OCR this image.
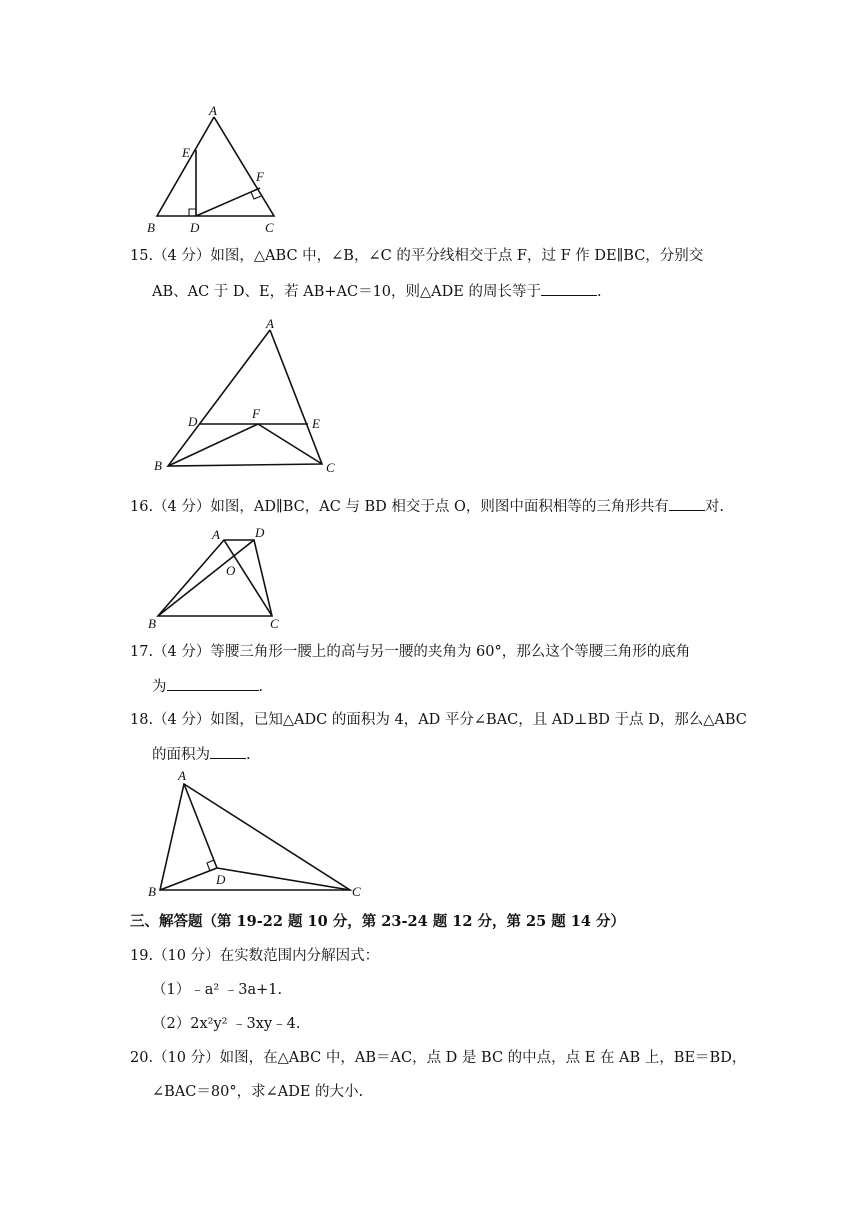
A
E
F
B	D	C
15.（4 分）如图，△ABC 中，∠B，∠C 的平分线相交于点 F，过 F 作 DE∥BC，分别交
AB、AC 于 D、E，若 AB+AC＝10，则△ADE 的周长等于	.
A
D
F
E
B	C
16.（4 分）如图，AD∥BC，AC 与 BD 相交于点 O，则图中面积相等的三角形共有 对.
A	D
O
B	C
17.（4 分）等腰三角形一腰上的高与另一腰的夹角为 60°，那么这个等腰三角形的底角
为	.
18.（4 分）如图，已知△ADC 的面积为 4，AD 平分∠BAC，且 AD⊥BD 于点 D，那么△ABC
的面积为 .
A
D
B	C
三、解答题（第 19-22 题 10 分，第 23-24 题 12 分，第 25 题 14 分）
19.（10 分）在实数范围内分解因式：
（1）﹣a² ﹣3a+1.
（2）2x²y² ﹣3xy﹣4.
20.（10 分）如图，在△ABC 中，AB＝AC，点 D 是 BC 的中点，点 E 在 AB 上，BE＝BD，
∠BAC＝80°，求∠ADE 的大小.
